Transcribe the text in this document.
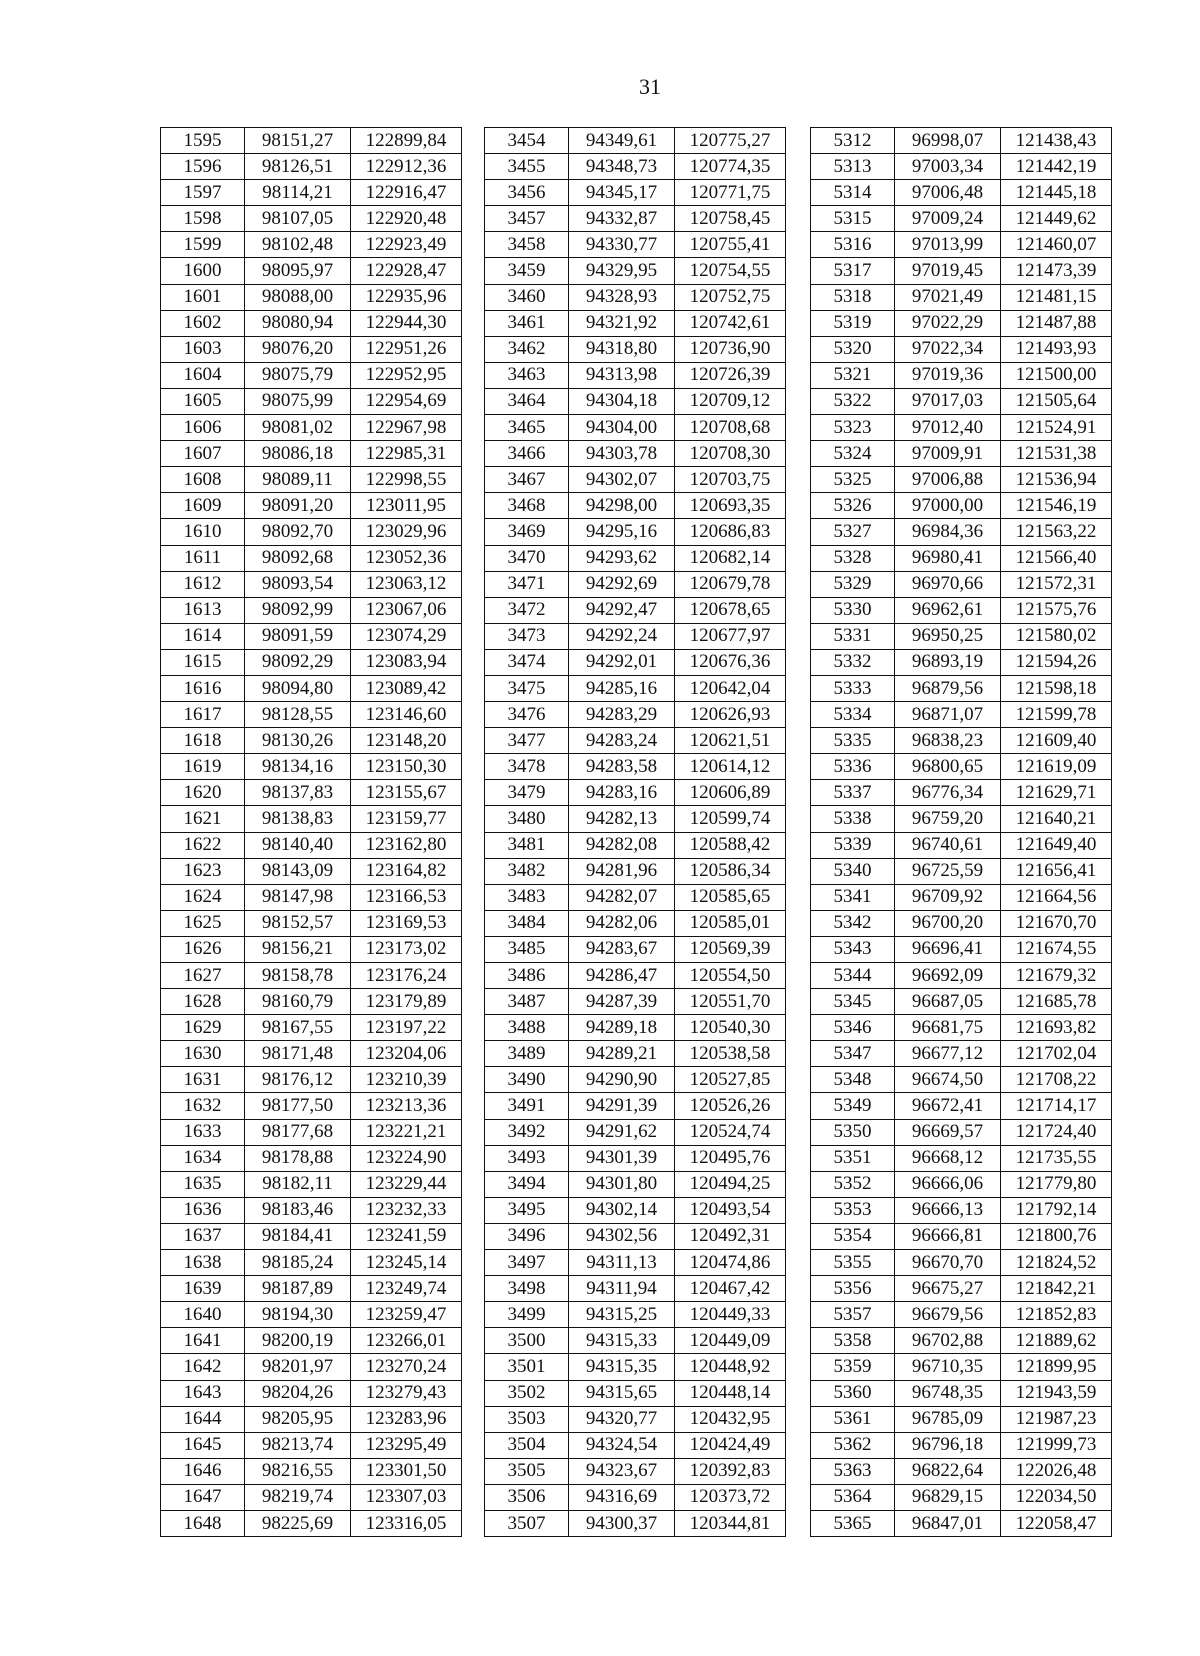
31
1595	98151,27	122899,84
1596	98126,51	122912,36
1597	98114,21	122916,47
1598	98107,05	122920,48
1599	98102,48	122923,49
1600	98095,97	122928,47
1601	98088,00	122935,96
1602	98080,94	122944,30
1603	98076,20	122951,26
1604	98075,79	122952,95
1605	98075,99	122954,69
1606	98081,02	122967,98
1607	98086,18	122985,31
1608	98089,11	122998,55
1609	98091,20	123011,95
1610	98092,70	123029,96
1611	98092,68	123052,36
1612	98093,54	123063,12
1613	98092,99	123067,06
1614	98091,59	123074,29
1615	98092,29	123083,94
1616	98094,80	123089,42
1617	98128,55	123146,60
1618	98130,26	123148,20
1619	98134,16	123150,30
1620	98137,83	123155,67
1621	98138,83	123159,77
1622	98140,40	123162,80
1623	98143,09	123164,82
1624	98147,98	123166,53
1625	98152,57	123169,53
1626	98156,21	123173,02
1627	98158,78	123176,24
1628	98160,79	123179,89
1629	98167,55	123197,22
1630	98171,48	123204,06
1631	98176,12	123210,39
1632	98177,50	123213,36
1633	98177,68	123221,21
1634	98178,88	123224,90
1635	98182,11	123229,44
1636	98183,46	123232,33
1637	98184,41	123241,59
1638	98185,24	123245,14
1639	98187,89	123249,74
1640	98194,30	123259,47
1641	98200,19	123266,01
1642	98201,97	123270,24
1643	98204,26	123279,43
1644	98205,95	123283,96
1645	98213,74	123295,49
1646	98216,55	123301,50
1647	98219,74	123307,03
1648	98225,69	123316,05
3454	94349,61	120775,27
3455	94348,73	120774,35
3456	94345,17	120771,75
3457	94332,87	120758,45
3458	94330,77	120755,41
3459	94329,95	120754,55
3460	94328,93	120752,75
3461	94321,92	120742,61
3462	94318,80	120736,90
3463	94313,98	120726,39
3464	94304,18	120709,12
3465	94304,00	120708,68
3466	94303,78	120708,30
3467	94302,07	120703,75
3468	94298,00	120693,35
3469	94295,16	120686,83
3470	94293,62	120682,14
3471	94292,69	120679,78
3472	94292,47	120678,65
3473	94292,24	120677,97
3474	94292,01	120676,36
3475	94285,16	120642,04
3476	94283,29	120626,93
3477	94283,24	120621,51
3478	94283,58	120614,12
3479	94283,16	120606,89
3480	94282,13	120599,74
3481	94282,08	120588,42
3482	94281,96	120586,34
3483	94282,07	120585,65
3484	94282,06	120585,01
3485	94283,67	120569,39
3486	94286,47	120554,50
3487	94287,39	120551,70
3488	94289,18	120540,30
3489	94289,21	120538,58
3490	94290,90	120527,85
3491	94291,39	120526,26
3492	94291,62	120524,74
3493	94301,39	120495,76
3494	94301,80	120494,25
3495	94302,14	120493,54
3496	94302,56	120492,31
3497	94311,13	120474,86
3498	94311,94	120467,42
3499	94315,25	120449,33
3500	94315,33	120449,09
3501	94315,35	120448,92
3502	94315,65	120448,14
3503	94320,77	120432,95
3504	94324,54	120424,49
3505	94323,67	120392,83
3506	94316,69	120373,72
3507	94300,37	120344,81
5312	96998,07	121438,43
5313	97003,34	121442,19
5314	97006,48	121445,18
5315	97009,24	121449,62
5316	97013,99	121460,07
5317	97019,45	121473,39
5318	97021,49	121481,15
5319	97022,29	121487,88
5320	97022,34	121493,93
5321	97019,36	121500,00
5322	97017,03	121505,64
5323	97012,40	121524,91
5324	97009,91	121531,38
5325	97006,88	121536,94
5326	97000,00	121546,19
5327	96984,36	121563,22
5328	96980,41	121566,40
5329	96970,66	121572,31
5330	96962,61	121575,76
5331	96950,25	121580,02
5332	96893,19	121594,26
5333	96879,56	121598,18
5334	96871,07	121599,78
5335	96838,23	121609,40
5336	96800,65	121619,09
5337	96776,34	121629,71
5338	96759,20	121640,21
5339	96740,61	121649,40
5340	96725,59	121656,41
5341	96709,92	121664,56
5342	96700,20	121670,70
5343	96696,41	121674,55
5344	96692,09	121679,32
5345	96687,05	121685,78
5346	96681,75	121693,82
5347	96677,12	121702,04
5348	96674,50	121708,22
5349	96672,41	121714,17
5350	96669,57	121724,40
5351	96668,12	121735,55
5352	96666,06	121779,80
5353	96666,13	121792,14
5354	96666,81	121800,76
5355	96670,70	121824,52
5356	96675,27	121842,21
5357	96679,56	121852,83
5358	96702,88	121889,62
5359	96710,35	121899,95
5360	96748,35	121943,59
5361	96785,09	121987,23
5362	96796,18	121999,73
5363	96822,64	122026,48
5364	96829,15	122034,50
5365	96847,01	122058,47
